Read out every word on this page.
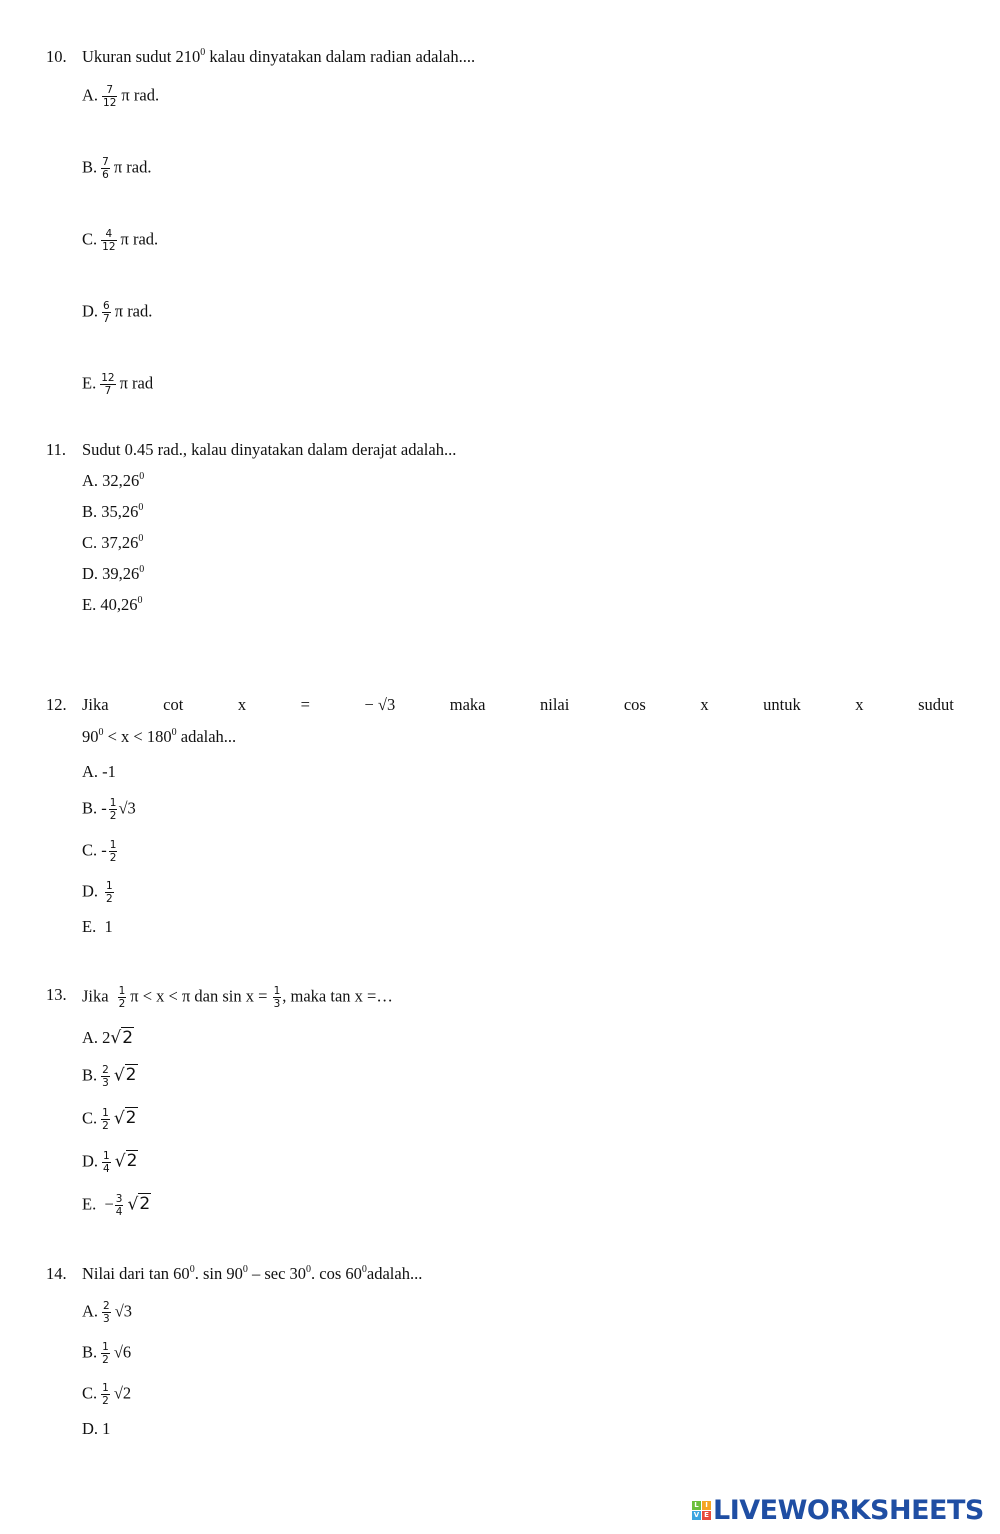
10. Ukuran sudut $210^0$ kalau dinyatakan dalam radian adalah....
A. $\frac{7}{12}$ π rad.
B. $\frac{7}{6}$ π rad.
C. $\frac{4}{12}$ π rad.
D. $\frac{6}{7}$ π rad.
E. $\frac{12}{7}$ π rad
11. Sudut 0.45 rad., kalau dinyatakan dalam derajat adalah...
A. 32,26$^0$
B. 35,26$^0$
C. 37,26$^0$
D. 39,26$^0$
E. 40,26$^0$
12. Jika	cot	x	=	− √3	maka	nilai	cos	x	untuk	x	sudut
$90^0 < x < 180^0$ adalah...
A. -1
B. - $\frac{1}{2} √3$
C. - $\frac{1}{2}$
D. $\frac{1}{2}$
E. 1
13. Jika $\frac{1}{2}$ π < x < π dan $\sin x = \frac{1}{3}$ , maka tan x =…
A. 2√2
B. $\frac{2}{3} √2$
C. $\frac{1}{2} √2$
D. $\frac{1}{4} √2$
E. − $\frac{3}{4} √2$
14. Nilai dari $\tan 60^0$. $\sin 90^0$ – $\sec 30^0$. $\cos 60^0adalah$...
A. $\frac{2}{3} √3$
B. $\frac{1}{2} √6$
C. $\frac{1}{2} √2$
D. 1
L I
V E LIVEWORKSHEETS
